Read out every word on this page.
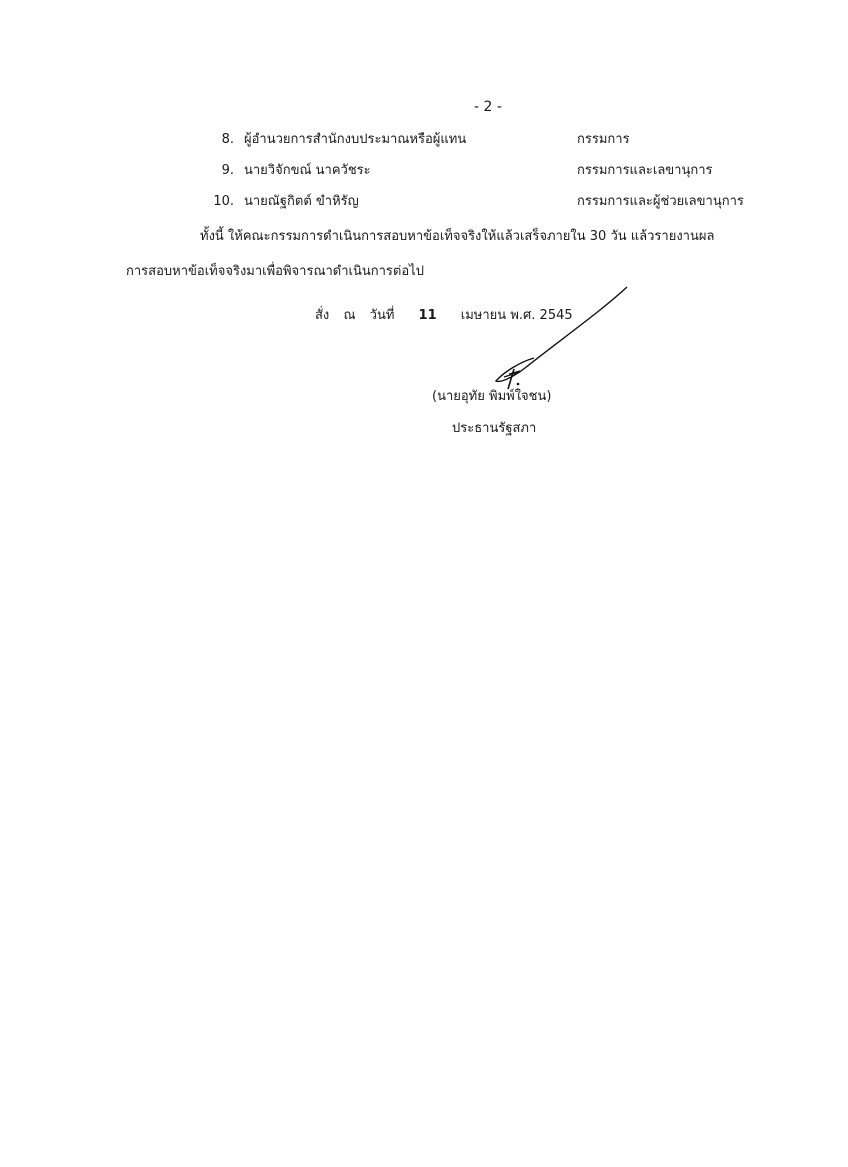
- 2 -
8. ผู้อำนวยการสำนักงบประมาณหรือผู้แทน	กรรมการ
9. นายวิจักขณ์ นาควัชระ	กรรมการและเลขานุการ
10. นายณัฐกิตต์ ขำหิรัญ	กรรมการและผู้ช่วยเลขานุการ
ทั้งนี้ ให้คณะกรรมการดำเนินการสอบหาข้อเท็จจริงให้แล้วเสร็จภายใน 30 วัน แล้วรายงานผล
การสอบหาข้อเท็จจริงมาเพื่อพิจารณาดำเนินการต่อไป
สั่ง ณ วันที่ 11 เมษายน พ.ศ. 2545
(นายอุทัย พิมพ์ใจชน)
ประธานรัฐสภา
